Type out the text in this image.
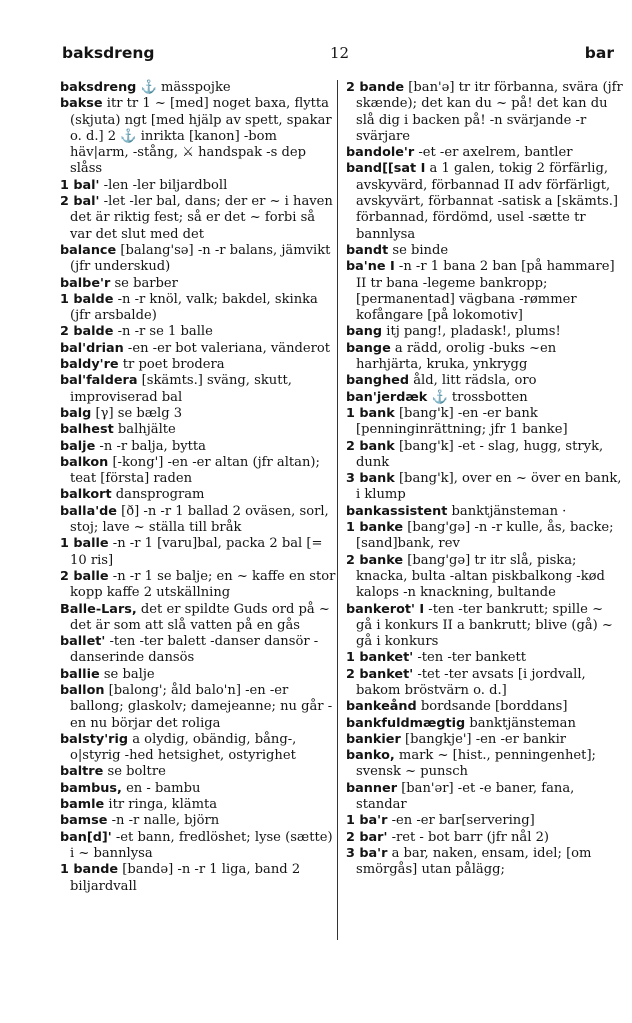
baksdreng	12	bar

baksdreng ⚓ mässpojke

bakse itr tr 1 ~ [med] noget baxa, flytta (skjuta) ngt [med hjälp av spett, spakar o. d.] 2 ⚓ inrikta [kanon] -bom häv|arm, -stång, ⚔ handspak -s dep slåss

1 bal' -len -ler biljardboll

2 bal' -let -ler bal, dans; der er ~ i haven det är riktig fest; så er det ~ forbi så var det slut med det

balance [balang'sə] -n -r balans, jämvikt (jfr underskud)

balbe'r se barber

1 balde -n -r knöl, valk; bakdel, skinka (jfr arsbalde)

2 balde -n -r se 1 balle

bal'drian -en -er bot valeriana, vänderot

baldy're tr poet brodera

bal'faldera [skämts.] sväng, skutt, improviserad bal

balg [γ] se bælg 3

balhest balhjälte

balje -n -r balja, bytta

balkon [-kong'] -en -er altan (jfr altan); teat [första] raden

balkort dansprogram

balla'de [ð] -n -r 1 ballad 2 oväsen, sorl, stoj; lave ~ ställa till bråk

1 balle -n -r 1 [varu]bal, packa 2 bal [= 10 ris]

2 balle -n -r 1 se balje; en ~ kaffe en stor kopp kaffe 2 utskällning

Balle-Lars, det er spildte Guds ord på ~ det är som att slå vatten på en gås

ballet' -ten -ter balett -danser dansör -danserinde dansös

ballie se balje

ballon [balong'; åld balo'n] -en -er ballong; glaskolv; damejeanne; nu går -en nu börjar det roliga

balsty'rig a olydig, obändig, bång-, o|styrig -hed hetsighet, ostyrighet

baltre se boltre

bambus, en - bambu

bamle itr ringa, klämta

bamse -n -r nalle, björn

ban[d]' -et bann, fredlöshet; lyse (sætte) i ~ bannlysa

1 bande [bandə] -n -r 1 liga, band 2 biljardvall

2 bande [ban'ə] tr itr förbanna, svära (jfr skænde); det kan du ~ på! det kan du slå dig i backen på! -n svärjande -r svärjare

bandole'r -et -er axelrem, bantler

band[[sat I a 1 galen, tokig 2 förfärlig, avskyvärd, förbannad II adv förfärligt, avskyvärt, förbannat -satisk a [skämts.] förbannad, fördömd, usel -sætte tr bannlysa

bandt se binde

ba'ne I -n -r 1 bana 2 ban [på hammare] II tr bana -legeme bankropp; [permanentad] vägbana -rømmer kofångare [på lokomotiv]

bang itj pang!, pladask!, plums!

bange a rädd, orolig -buks ~en harhjärta, kruka, ynkrygg

banghed åld, litt rädsla, oro

ban'jerdæk ⚓ trossbotten

1 bank [bang'k] -en -er bank [penninginrättning; jfr 1 banke]

2 bank [bang'k] -et - slag, hugg, stryk, dunk

3 bank [bang'k], over en ~ över en bank, i klump

bankassistent banktjänsteman ·

1 banke [bang'gə] -n -r kulle, ås, backe; [sand]bank, rev

2 banke [bang'gə] tr itr slå, piska; knacka, bulta -altan piskbalkong -kød kalops -n knackning, bultande

bankerot' I -ten -ter bankrutt; spille ~ gå i konkurs II a bankrutt; blive (gå) ~ gå i konkurs

1 banket' -ten -ter bankett

2 banket' -tet -ter avsats [i jordvall, bakom bröstvärn o. d.]

bankeånd bordsande [borddans]

bankfuldmægtig banktjänsteman

bankier [bangkje'] -en -er bankir

banko, mark ~ [hist., penningenhet]; svensk ~ punsch

banner [ban'ər] -et -e baner, fana, standar

1 ba'r -en -er bar[servering]

2 bar' -ret - bot barr (jfr nål 2)

3 ba'r a bar, naken, ensam, idel; [om smörgås] utan pålägg;
